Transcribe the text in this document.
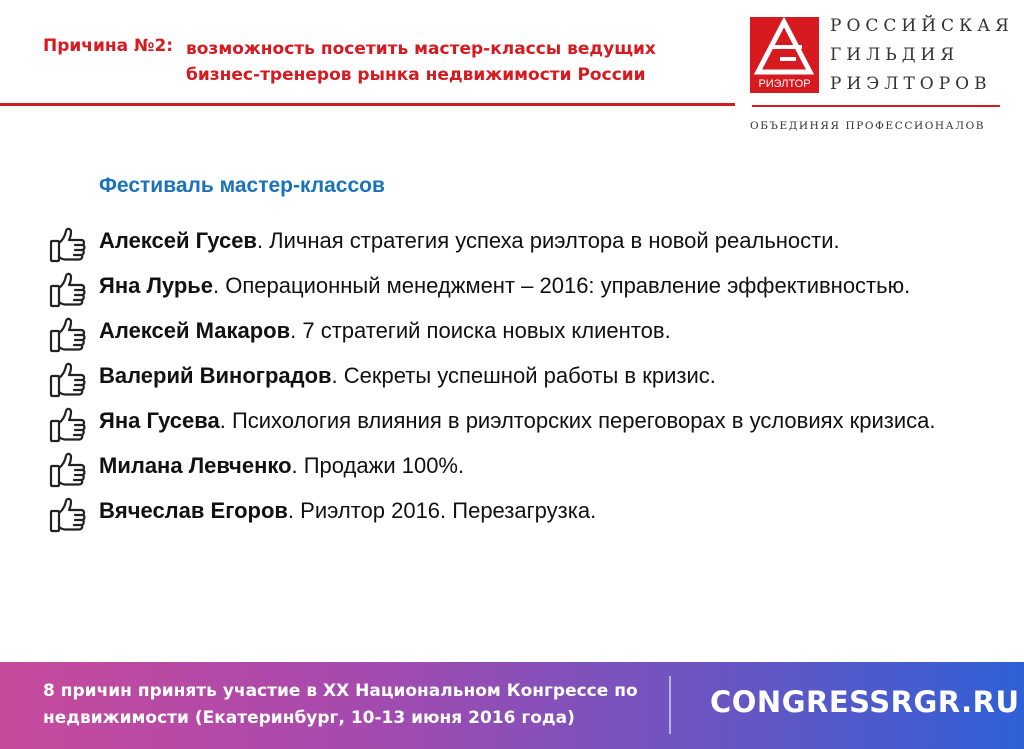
Причина №2: возможность посетить мастер-классы ведущих
бизнес-тренеров рынка недвижимости России	РИЭЛТОР
РОССИЙСКАЯ
ГИЛЬДИЯ
РИЭЛТОРОВ
ОБЪЕДИНЯЯ ПРОФЕССИОНАЛОВ
Фестиваль мастер-классов
Алексей Гусев. Личная стратегия успеха риэлтора в новой реальности.
Яна Лурье. Операционный менеджмент – 2016: управление эффективностью.
Алексей Макаров. 7 стратегий поиска новых клиентов.
Валерий Виноградов. Секреты успешной работы в кризис.
Яна Гусева. Психология влияния в риэлторских переговорах в условиях кризиса.
Милана Левченко. Продажи 100%.
Вячеслав Егоров. Риэлтор 2016. Перезагрузка.
8 причин принять участие в XX Национальном Конгрессе по
недвижимости (Екатеринбург, 10-13 июня 2016 года)	CONGRESSRGR.RU
